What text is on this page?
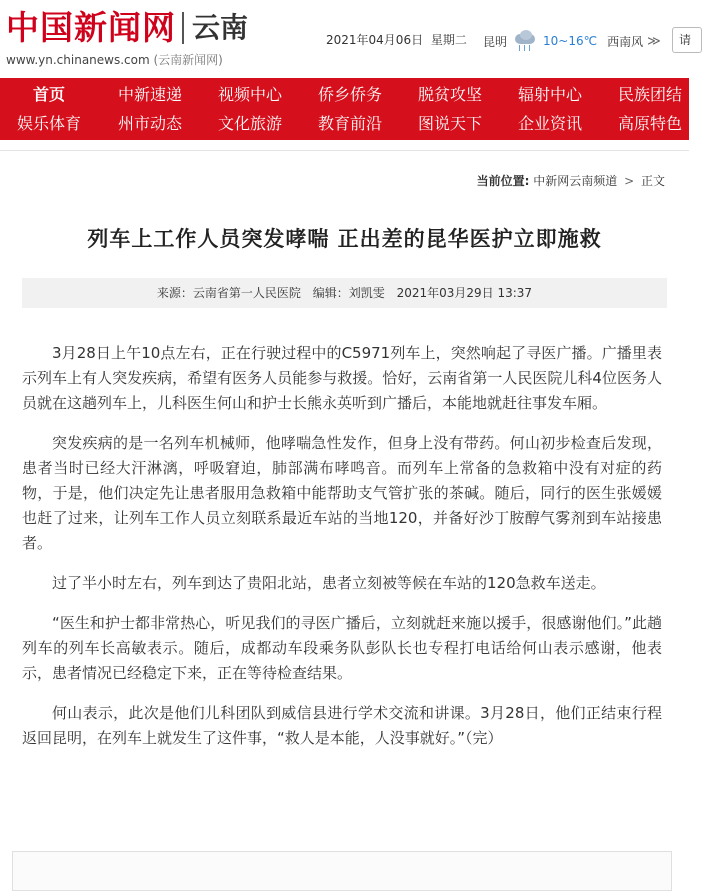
中国新闻网 云南
www.yn.chinanews.com (云南新闻网)
2021年04月06日 星期二	昆明	10~16℃ 西南风 ≫	请
首页	中新速递 视频中心 侨乡侨务 脱贫攻坚 辐射中心 民族团结
娱乐体育 州市动态 文化旅游 教育前沿 图说天下 企业资讯 高原特色
当前位置: 中新网云南频道 > 正文
列车上工作人员突发哮喘 正出差的昆华医护立即施救
来源：云南省第一人民医院 编辑：刘凯雯 2021年03月29日 13:37

3月28日上午10点左右，正在行驶过程中的C5971列车上，突然响起了寻医广播。广播里表示列车上有人突发疾病，希望有医务人员能参与救援。恰好，云南省第一人民医院儿科4位医务人员就在这趟列车上，儿科医生何山和护士长熊永英听到广播后，本能地就赶往事发车厢。

突发疾病的是一名列车机械师，他哮喘急性发作，但身上没有带药。何山初步检查后发现，患者当时已经大汗淋漓，呼吸窘迫，肺部满布哮鸣音。而列车上常备的急救箱中没有对症的药物，于是，他们决定先让患者服用急救箱中能帮助支气管扩张的茶碱。随后，同行的医生张媛媛也赶了过来，让列车工作人员立刻联系最近车站的当地120，并备好沙丁胺醇气雾剂到车站接患者。

过了半小时左右，列车到达了贵阳北站，患者立刻被等候在车站的120急救车送走。

“医生和护士都非常热心，听见我们的寻医广播后，立刻就赶来施以援手，很感谢他们。”此趟列车的列车长高敏表示。随后，成都动车段乘务队彭队长也专程打电话给何山表示感谢，他表示，患者情况已经稳定下来，正在等待检查结果。

何山表示，此次是他们儿科团队到威信县进行学术交流和讲课。3月28日，他们正结束行程返回昆明，在列车上就发生了这件事，“救人是本能，人没事就好。”（完）
